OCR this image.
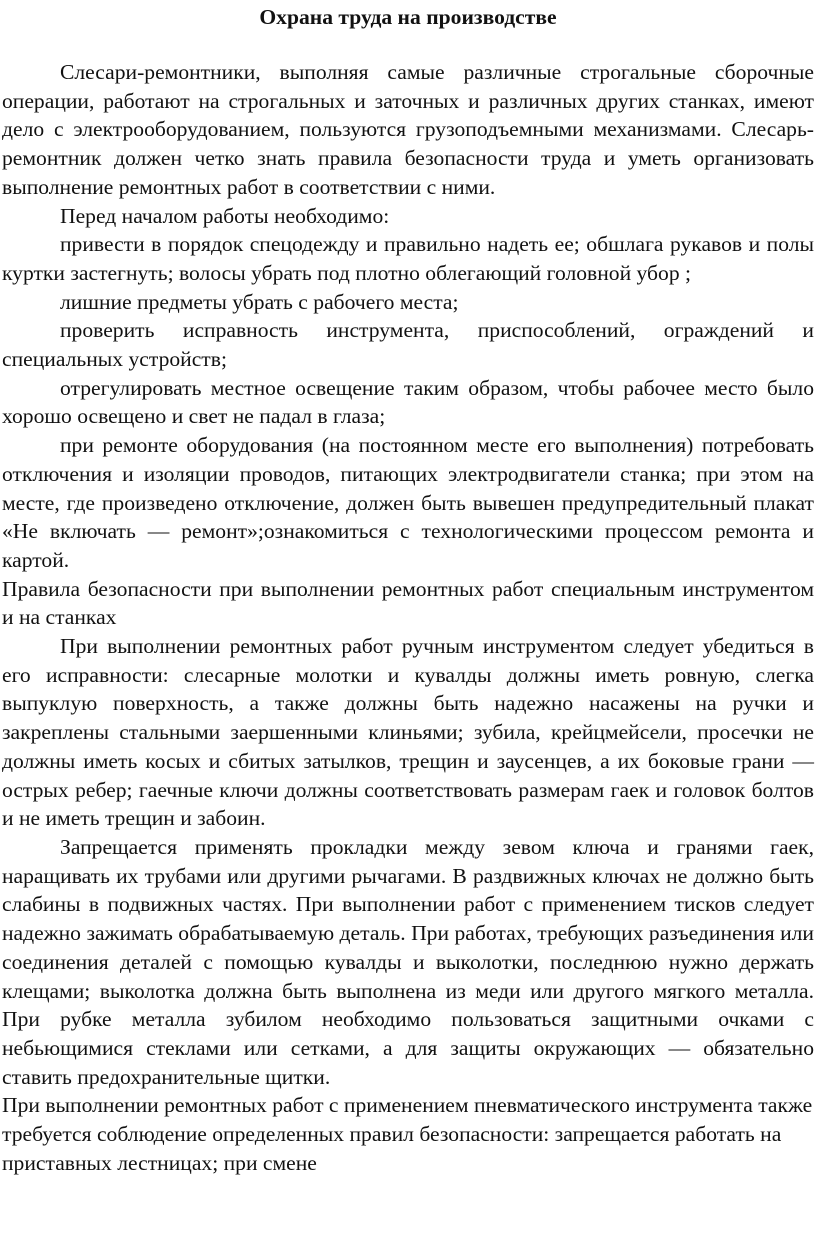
Охрана труда на производстве

Слесари-ремонтники, выполняя самые различные строгальные сборочные операции, работают на строгальных и заточных и различных других станках, имеют дело с электрооборудованием, пользуются грузоподъемными механизмами. Слесарь-ремонтник должен четко знать правила безопасности труда и уметь организовать выполнение ремонтных работ в соответствии с ними.

Перед началом работы необходимо:

привести в порядок спецодежду и правильно надеть ее; обшлага рукавов и полы куртки застегнуть; волосы убрать под плотно облегающий головной убор ;

лишние предметы убрать с рабочего места;

проверить исправность инструмента, приспособлений, ограждений и специальных устройств;

отрегулировать местное освещение таким образом, чтобы рабочее место было хорошо освещено и свет не падал в глаза;

при ремонте оборудования (на постоянном месте его выполнения) потребовать отключения и изоляции проводов, питающих электродвигатели станка; при этом на месте, где произведено отключение, должен быть вывешен предупредительный плакат «Не включать — ремонт»;ознакомиться с технологическими процессом ремонта и картой.

Правила безопасности при выполнении ремонтных работ специальным инструментом и на станках

При выполнении ремонтных работ ручным инструментом следует убедиться в его исправности: слесарные молотки и кувалды должны иметь ровную, слегка выпуклую поверхность, а также должны быть надежно насажены на ручки и закреплены стальными заершенными клиньями; зубила, крейцмейсели, просечки не должны иметь косых и сбитых затылков, трещин и заусенцев, а их боковые грани — острых ребер; гаечные ключи должны соответствовать размерам гаек и головок болтов и не иметь трещин и забоин.

Запрещается применять прокладки между зевом ключа и гранями гаек, наращивать их трубами или другими рычагами. В раздвижных ключах не должно быть слабины в подвижных частях. При выполнении работ с применением тисков следует надежно зажимать обрабатываемую деталь. При работах, требующих разъединения или соединения деталей с помощью кувалды и выколотки, последнюю нужно держать клещами; выколотка должна быть выполнена из меди или другого мягкого металла. При рубке металла зубилом необходимо пользоваться защитными очками с небьющимися стеклами или сетками, а для защиты окружающих — обязательно ставить предохранительные щитки.

При выполнении ремонтных работ с применением пневматического инструмента также требуется соблюдение определенных правил безопасности: запрещается работать на приставных лестницах; при смене
